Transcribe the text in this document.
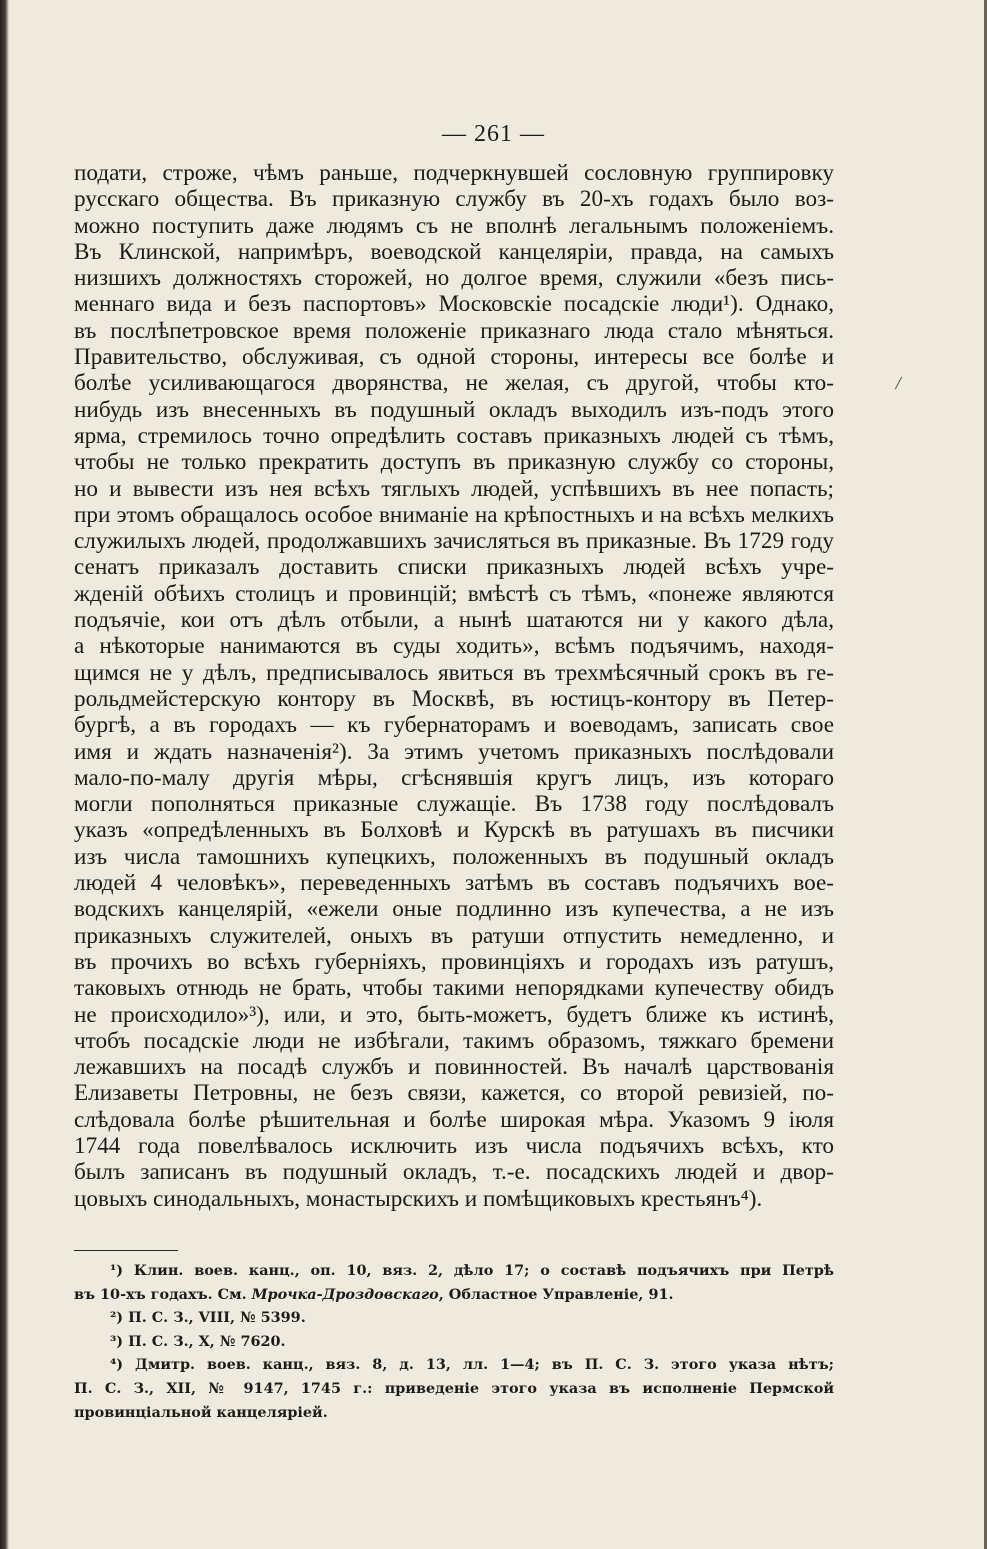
— 261 —
подати, строже, чѣмъ раньше, подчеркнувшей сословную группировку
русскаго общества. Въ приказную службу въ 20-хъ годахъ было воз-
можно поступить даже людямъ съ не вполнѣ легальнымъ положеніемъ.
Въ Клинской, напримѣръ, воеводской канцеляріи, правда, на самыхъ
низшихъ должностяхъ сторожей, но долгое время, служили «безъ пись-
меннаго вида и безъ паспортовъ» Московскіе посадскіе люди¹). Однако,
въ послѣпетровское время положеніе приказнаго люда стало мѣняться.
Правительство, обслуживая, съ одной стороны, интересы все болѣе и
болѣе усиливающагося дворянства, не желая, съ другой, чтобы кто-
нибудь изъ внесенныхъ въ подушный окладъ выходилъ изъ-подъ этого
ярма, стремилось точно опредѣлить составъ приказныхъ людей съ тѣмъ,
чтобы не только прекратить доступъ въ приказную службу со стороны,
но и вывести изъ нея всѣхъ тяглыхъ людей, успѣвшихъ въ нее попасть;
при этомъ обращалось особое вниманіе на крѣпостныхъ и на всѣхъ мелкихъ
служилыхъ людей, продолжавшихъ зачисляться въ приказные. Въ 1729 году
сенатъ приказалъ доставить списки приказныхъ людей всѣхъ учре-
жденій обѣихъ столицъ и провинцій; вмѣстѣ съ тѣмъ, «понеже являются
подъячіе, кои отъ дѣлъ отбыли, а нынѣ шатаются ни у какого дѣла,
а нѣкоторые нанимаются въ суды ходить», всѣмъ подъячимъ, находя-
щимся не у дѣлъ, предписывалось явиться въ трехмѣсячный срокъ въ ге-
рольдмейстерскую контору въ Москвѣ, въ юстицъ-контору въ Петер-
бургѣ, а въ городахъ — къ губернаторамъ и воеводамъ, записать свое
имя и ждать назначенія²). За этимъ учетомъ приказныхъ послѣдовали
мало-по-малу другія мѣры, сгѣснявшія кругъ лицъ, изъ котораго
могли пополняться приказные служащіе. Въ 1738 году послѣдовалъ
указъ «опредѣленныхъ въ Болховѣ и Курскѣ въ ратушахъ въ писчики
изъ числа тамошнихъ купецкихъ, положенныхъ въ подушный окладъ
людей 4 человѣкъ», переведенныхъ затѣмъ въ составъ подъячихъ вое-
водскихъ канцелярій, «ежели оные подлинно изъ купечества, а не изъ
приказныхъ служителей, оныхъ въ ратуши отпустить немедленно, и
въ прочихъ во всѣхъ губерніяхъ, провинціяхъ и городахъ изъ ратушъ,
таковыхъ отнюдь не брать, чтобы такими непорядками купечеству обидъ
не происходило»³), или, и это, быть-можетъ, будетъ ближе къ истинѣ,
чтобъ посадскіе люди не избѣгали, такимъ образомъ, тяжкаго бремени
лежавшихъ на посадѣ службъ и повинностей. Въ началѣ царствованія
Елизаветы Петровны, не безъ связи, кажется, со второй ревизіей, по-
слѣдовала болѣе рѣшительная и болѣе широкая мѣра. Указомъ 9 іюля
1744 года повелѣвалось исключить изъ числа подъячихъ всѣхъ, кто
былъ записанъ въ подушный окладъ, т.-е. посадскихъ людей и двор-
цовыхъ синодальныхъ, монастырскихъ и помѣщиковыхъ крестьянъ⁴).
¹) Клин. воев. канц., оп. 10, вяз. 2, дѣло 17; о составѣ подъячихъ при Петрѣ
въ 10-хъ годахъ. См. Мрочка-Дроздовскаго, Областное Управленіе, 91.
²) П. С. З., VIII, № 5399.
³) П. С. З., X, № 7620.
⁴) Дмитр. воев. канц., вяз. 8, д. 13, лл. 1—4; въ П. С. З. этого указа нѣтъ;
П. С. З., XII, № 9147, 1745 г.: приведеніе этого указа въ исполненіе Пермской
провинціальной канцеляріей.
